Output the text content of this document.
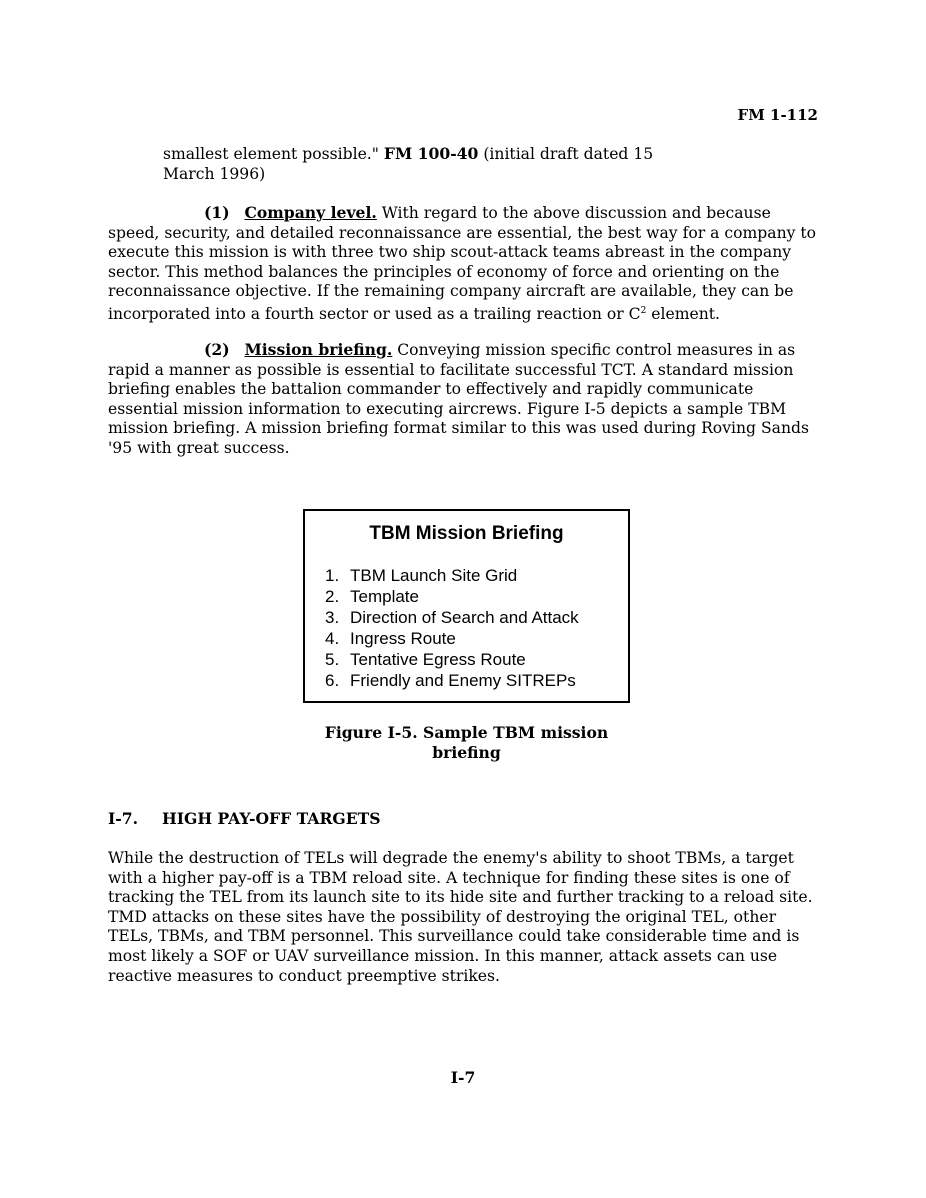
FM 1-112
smallest element possible." FM 100-40 (initial draft dated 15
March 1996)
(1) Company level. With regard to the above discussion and because speed, security, and detailed reconnaissance are essential, the best way for a company to execute this mission is with three two ship scout-attack teams abreast in the company sector. This method balances the principles of economy of force and orienting on the reconnaissance objective. If the remaining company aircraft are available, they can be incorporated into a fourth sector or used as a trailing reaction or $C^2$ element.
(2) Mission briefing. Conveying mission specific control measures in as rapid a manner as possible is essential to facilitate successful TCT. A standard mission briefing enables the battalion commander to effectively and rapidly communicate essential mission information to executing aircrews. Figure I-5 depicts a sample TBM mission briefing. A mission briefing format similar to this was used during Roving Sands '95 with great success.
TBM Mission Briefing
1. TBM Launch Site Grid
2. Template
3. Direction of Search and Attack
4. Ingress Route
5. Tentative Egress Route
6. Friendly and Enemy SITREPs
Figure I-5. Sample TBM mission
briefing
I-7. HIGH PAY-OFF TARGETS
While the destruction of TELs will degrade the enemy's ability to shoot TBMs, a target with a higher pay-off is a TBM reload site. A technique for finding these sites is one of tracking the TEL from its launch site to its hide site and further tracking to a reload site. TMD attacks on these sites have the possibility of destroying the original TEL, other TELs, TBMs, and TBM personnel. This surveillance could take considerable time and is most likely a SOF or UAV surveillance mission. In this manner, attack assets can use reactive measures to conduct preemptive strikes.
I-7
